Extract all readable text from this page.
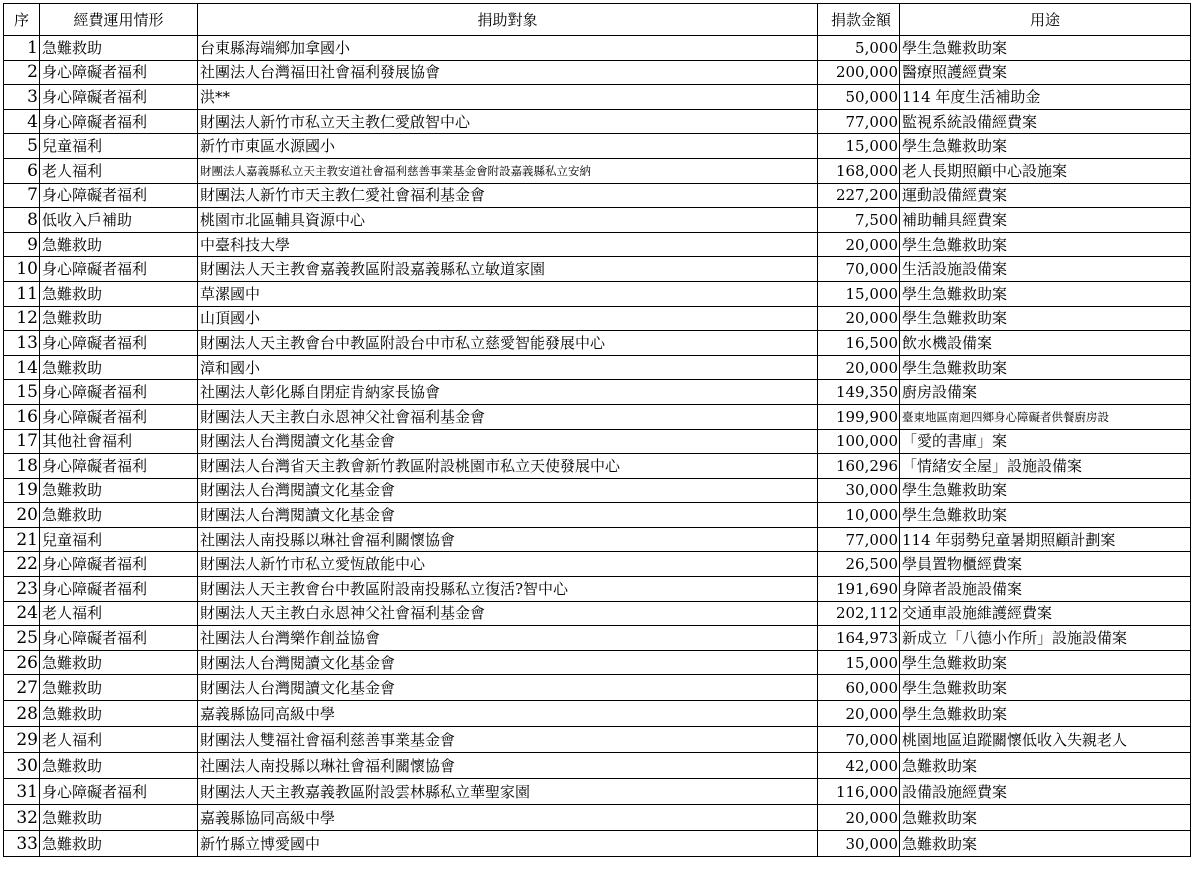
序	經費運用情形	捐助對象	捐款金額	用途
1	急難救助	台東縣海端鄉加拿國小	5,000	學生急難救助案
2	身心障礙者福利	社團法人台灣福田社會福利發展協會	200,000	醫療照護經費案
3	身心障礙者福利	洪**	50,000	114 年度生活補助金
4	身心障礙者福利	財團法人新竹市私立天主教仁愛啟智中心	77,000	監視系統設備經費案
5	兒童福利	新竹市東區水源國小	15,000	學生急難救助案
6	老人福利	財團法人嘉義縣私立天主教安道社會福利慈善事業基金會附設嘉義縣私立安納	168,000	老人長期照顧中心設施案
7	身心障礙者福利	財團法人新竹市天主教仁愛社會福利基金會	227,200	運動設備經費案
8	低收入戶補助	桃園市北區輔具資源中心	7,500	補助輔具經費案
9	急難救助	中臺科技大學	20,000	學生急難救助案
10	身心障礙者福利	財團法人天主教會嘉義教區附設嘉義縣私立敏道家園	70,000	生活設施設備案
11	急難救助	草漯國中	15,000	學生急難救助案
12	急難救助	山頂國小	20,000	學生急難救助案
13	身心障礙者福利	財團法人天主教會台中教區附設台中市私立慈愛智能發展中心	16,500	飲水機設備案
14	急難救助	漳和國小	20,000	學生急難救助案
15	身心障礙者福利	社團法人彰化縣自閉症肯納家長協會	149,350	廚房設備案
16	身心障礙者福利	財團法人天主教白永恩神父社會福利基金會	199,900	臺東地區南迴四鄉身心障礙者供餐廚房設
17	其他社會福利	財團法人台灣閱讀文化基金會	100,000	「愛的書庫」案
18	身心障礙者福利	財團法人台灣省天主教會新竹教區附設桃園市私立天使發展中心	160,296	「情緒安全屋」設施設備案
19	急難救助	財團法人台灣閱讀文化基金會	30,000	學生急難救助案
20	急難救助	財團法人台灣閱讀文化基金會	10,000	學生急難救助案
21	兒童福利	社團法人南投縣以琳社會福利關懷協會	77,000	114 年弱勢兒童暑期照顧計劃案
22	身心障礙者福利	財團法人新竹市私立愛恆啟能中心	26,500	學員置物櫃經費案
23	身心障礙者福利	財團法人天主教會台中教區附設南投縣私立復活?智中心	191,690	身障者設施設備案
24	老人福利	財團法人天主教白永恩神父社會福利基金會	202,112	交通車設施維護經費案
25	身心障礙者福利	社團法人台灣樂作創益協會	164,973	新成立「八德小作所」設施設備案
26	急難救助	財團法人台灣閱讀文化基金會	15,000	學生急難救助案
27	急難救助	財團法人台灣閱讀文化基金會	60,000	學生急難救助案
28	急難救助	嘉義縣協同高級中學	20,000	學生急難救助案
29	老人福利	財團法人雙福社會福利慈善事業基金會	70,000	桃園地區追蹤關懷低收入失親老人
30	急難救助	社團法人南投縣以琳社會福利關懷協會	42,000	急難救助案
31	身心障礙者福利	財團法人天主教嘉義教區附設雲林縣私立華聖家園	116,000	設備設施經費案
32	急難救助	嘉義縣協同高級中學	20,000	急難救助案
33	急難救助	新竹縣立博愛國中	30,000	急難救助案
